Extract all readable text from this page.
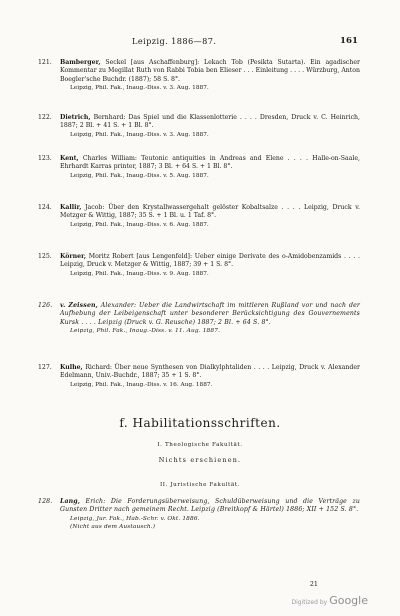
Leipzig. 1886—87.	161
121.	Bamberger, Seckel [aus Aschaffenburg]: Lekach Tob (Pesikta Sutarta). Ein agadischer Kommentar zu Megillat Ruth von Rabbi Tobia ben Elieser . . . Einleitung . . . . Würzburg, Anton Boegler'sche Buchdr. (1887); 58 S. 8°.
Leipzig, Phil. Fak., Inaug.-Diss. v. 3. Aug. 1887.
122.	Dietrich, Bernhard: Das Spiel und die Klassenlotterie . . . . Dresden, Druck v. C. Heinrich, 1887; 2 Bl. + 41 S. + 1 Bl. 8°.
Leipzig, Phil. Fak., Inaug.-Diss. v. 3. Aug. 1887.
123.	Kent, Charles William: Teutonic antiquities in Andreas and Elene . . . . Halle-on-Saale, Ehrhardt Karras printer, 1887; 3 Bl. + 64 S. + 1 Bl. 8°.
Leipzig, Phil. Fak., Inaug.-Diss. v. 5. Aug. 1887.
124.	Kallir, Jacob: Über den Krystallwassergehalt gelöster Kobaltsalze . . . . Leipzig, Druck v. Metzger & Wittig, 1887; 35 S. + 1 Bl. u. 1 Taf. 8°.
Leipzig, Phil. Fak., Inaug.-Diss. v. 6. Aug. 1887.
125.	Körner, Moritz Robert [aus Lengenfeld]: Ueber einige Derivate des o-Amidobenzamids . . . . Leipzig, Druck v. Metzger & Wittig, 1887; 39 + 1 S. 8°.
Leipzig, Phil. Fak., Inaug.-Diss. v. 9. Aug. 1887.
126.	v. Zeissen, Alexander: Ueber die Landwirtschaft im mittleren Rußland vor und nach der Aufhebung der Leibeigenschaft unter besonderer Berücksichtigung des Gouvernements Kursk . . . . Leipzig (Druck v. G. Reusche) 1887; 2 Bl. + 64 S. 8°.
Leipzig, Phil. Fak., Inaug.-Diss. v. 11. Aug. 1887.
127.	Kulhe, Richard: Über neue Synthesen von Dialkylphtaliden . . . . Leipzig, Druck v. Alexander Edelmann, Univ.-Buchdr., 1887; 35 + 1 S. 8°.
Leipzig, Phil. Fak., Inaug.-Diss. v. 16. Aug. 1887.
f. Habilitationsschriften.
I. Theologische Fakultät.
Nichts erschienen.
II. Juristische Fakultät.
128.	Lang, Erich: Die Forderungsüberweisung, Schuldüberweisung und die Verträge zu Gunsten Dritter nach gemeinem Recht. Leipzig (Breitkopf & Härtel) 1886; XII + 152 S. 8°.
Leipzig, Jur. Fak., Hab.-Schr. v. Okt. 1886.
(Nicht aus dem Austausch.)
21
Digitized by Google
